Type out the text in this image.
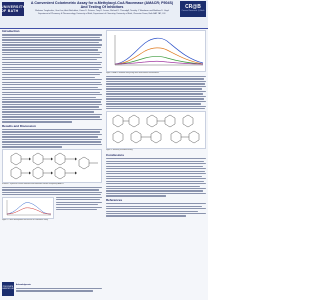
UNIVERSITY OF BATH
A Convenient Colorimetric Assay for α-Methylacyl-CoA Racemase (AMACR; P504S) And Testing Of Inhibitors
Maksims Yevglevskis, Guat Lee, Amit Nathubhai, Yoana D. Petrova, Tony D. James, Michael D. Threadgill, Timothy J. Woodman and Matthew D. Lloyd
Department of Pharmacy & Pharmacology, University of Bath; Department of Chemistry, University of Bath, Claverton Down, Bath BA2 7AY, U.K.
CR@B
Cancer Research @ Bath
Introduction
Results and Discussion
Scheme 1: Synthesis of novel substrates and elimination reaction catalysed by AMACR.
Figure 1: Colour development with time for the colorimetric assay.
Figure 2: AMACR inhibition assay using three fixed inhibitor concentrations.
Figure 3: Summary of inhibitor testing.
Conclusions
References
PROSTATE CANCER UK
Acknowledgements
